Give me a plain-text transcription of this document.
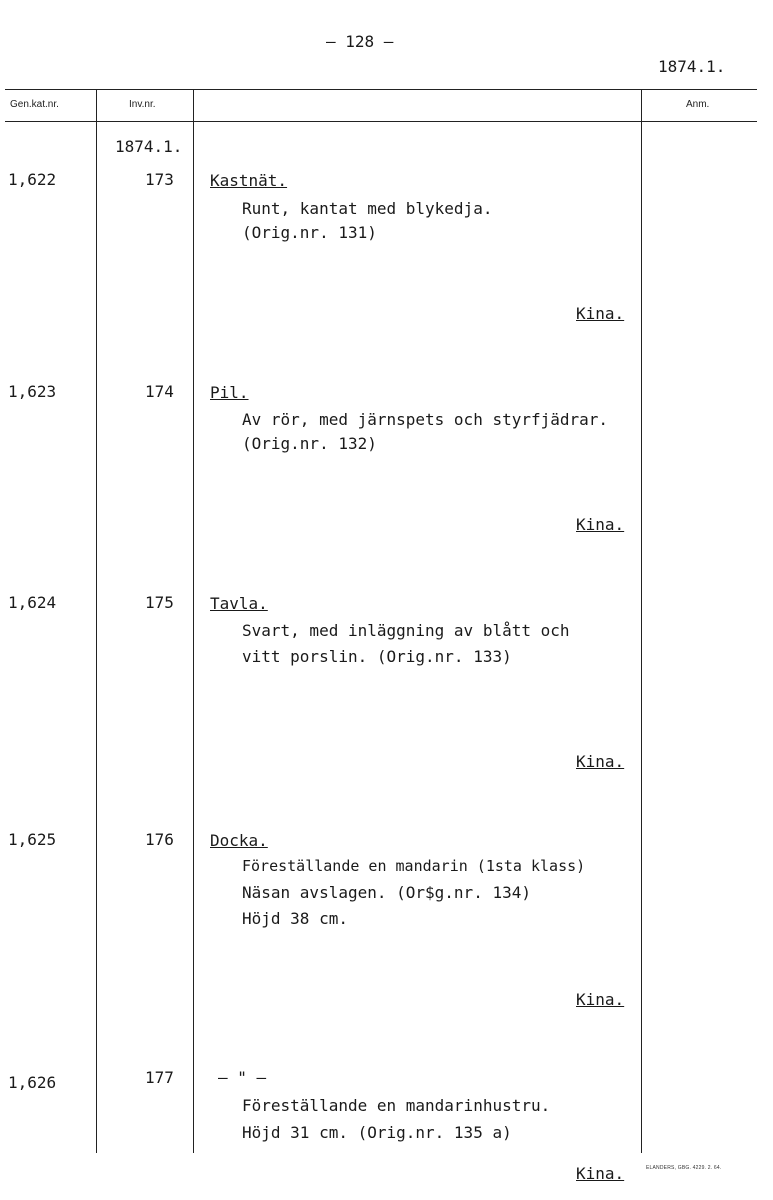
– 128 –
1874.1.
Gen.kat.nr.	Inv.nr.	Anm.
1874.1.
1,622	173 Kastnät.
Runt, kantat med blykedja.
(Orig.nr. 131)
Kina.
1,623	174 Pil.
Av rör, med järnspets och styrfjädrar.
(Orig.nr. 132)
Kina.
1,624	175 Tavla.
Svart, med inläggning av blått och
vitt porslin. (Orig.nr. 133)
Kina.
1,625	176 Docka.
Föreställande en mandarin (1sta klass)
Näsan avslagen. (Or$g.nr. 134)
Höjd 38 cm.
Kina.
1,626	177	– " –
Föreställande en mandarinhustru.
Höjd 31 cm. (Orig.nr. 135 a)
Kina.	ELANDERS, GBG. 4229. 2. 64.
